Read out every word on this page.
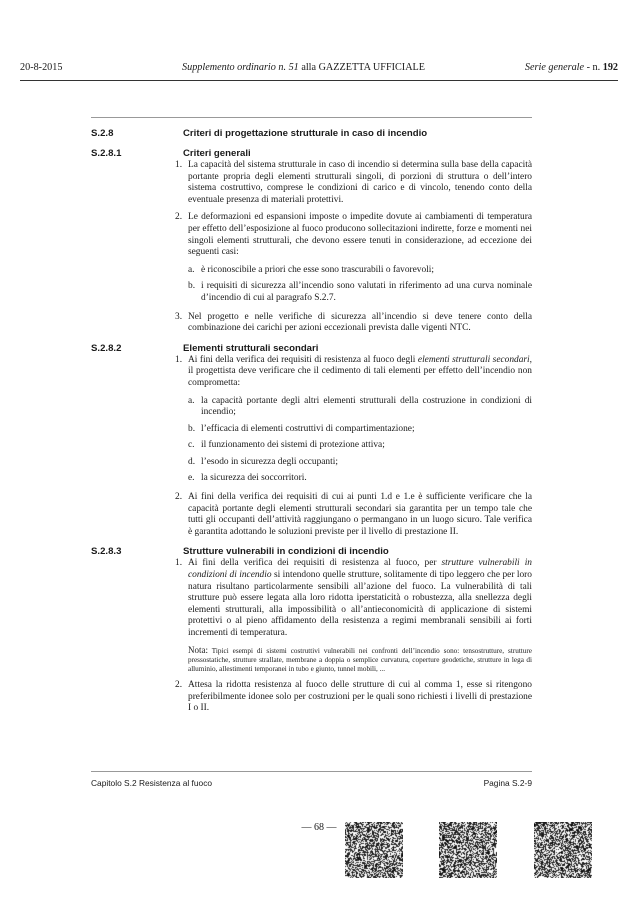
20-8-2015	Supplemento ordinario n. 51 alla GAZZETTA UFFICIALE	Serie generale - n. 192
S.2.8	Criteri di progettazione strutturale in caso di incendio
S.2.8.1	Criteri generali
1. La capacità del sistema strutturale in caso di incendio si determina sulla base della capacità portante propria degli elementi strutturali singoli, di porzioni di struttura o dell’intero sistema costruttivo, comprese le condizioni di carico e di vincolo, tenendo conto della eventuale presenza di materiali protettivi.
2. Le deformazioni ed espansioni imposte o impedite dovute ai cambiamenti di temperatura per effetto dell’esposizione al fuoco producono sollecitazioni indirette, forze e momenti nei singoli elementi strutturali, che devono essere tenuti in considerazione, ad eccezione dei seguenti casi:
a. è riconoscibile a priori che esse sono trascurabili o favorevoli;
b. i requisiti di sicurezza all’incendio sono valutati in riferimento ad una curva nominale d’incendio di cui al paragrafo S.2.7.
3. Nel progetto e nelle verifiche di sicurezza all’incendio si deve tenere conto della combinazione dei carichi per azioni eccezionali prevista dalle vigenti NTC.
S.2.8.2	Elementi strutturali secondari
1. Ai fini della verifica dei requisiti di resistenza al fuoco degli elementi strutturali secondari, il progettista deve verificare che il cedimento di tali elementi per effetto dell’incendio non comprometta:
a. la capacità portante degli altri elementi strutturali della costruzione in condizioni di incendio;
b. l’efficacia di elementi costruttivi di compartimentazione;
c. il funzionamento dei sistemi di protezione attiva;
d. l’esodo in sicurezza degli occupanti;
e. la sicurezza dei soccorritori.
2. Ai fini della verifica dei requisiti di cui ai punti 1.d e 1.e è sufficiente verificare che la capacità portante degli elementi strutturali secondari sia garantita per un tempo tale che tutti gli occupanti dell’attività raggiungano o permangano in un luogo sicuro. Tale verifica è garantita adottando le soluzioni previste per il livello di prestazione II.
S.2.8.3	Strutture vulnerabili in condizioni di incendio
1. Ai fini della verifica dei requisiti di resistenza al fuoco, per strutture vulnerabili in condizioni di incendio si intendono quelle strutture, solitamente di tipo leggero che per loro natura risultano particolarmente sensibili all’azione del fuoco. La vulnerabilità di tali strutture può essere legata alla loro ridotta iperstaticità o robustezza, alla snellezza degli elementi strutturali, alla impossibilità o all’antieconomicità di applicazione di sistemi protettivi o al pieno affidamento della resistenza a regimi membranali sensibili ai forti incrementi di temperatura.
Nota: Tipici esempi di sistemi costruttivi vulnerabili nei confronti dell’incendio sono: tensostrutture, strutture pressostatiche, strutture strallate, membrane a doppia o semplice curvatura, coperture geodetiche, strutture in lega di alluminio, allestimenti temporanei in tubo e giunto, tunnel mobili, ...
2. Attesa la ridotta resistenza al fuoco delle strutture di cui al comma 1, esse si ritengono preferibilmente idonee solo per costruzioni per le quali sono richiesti i livelli di prestazione I o II.
Capitolo S.2 Resistenza al fuoco	Pagina S.2-9
— 68 —
